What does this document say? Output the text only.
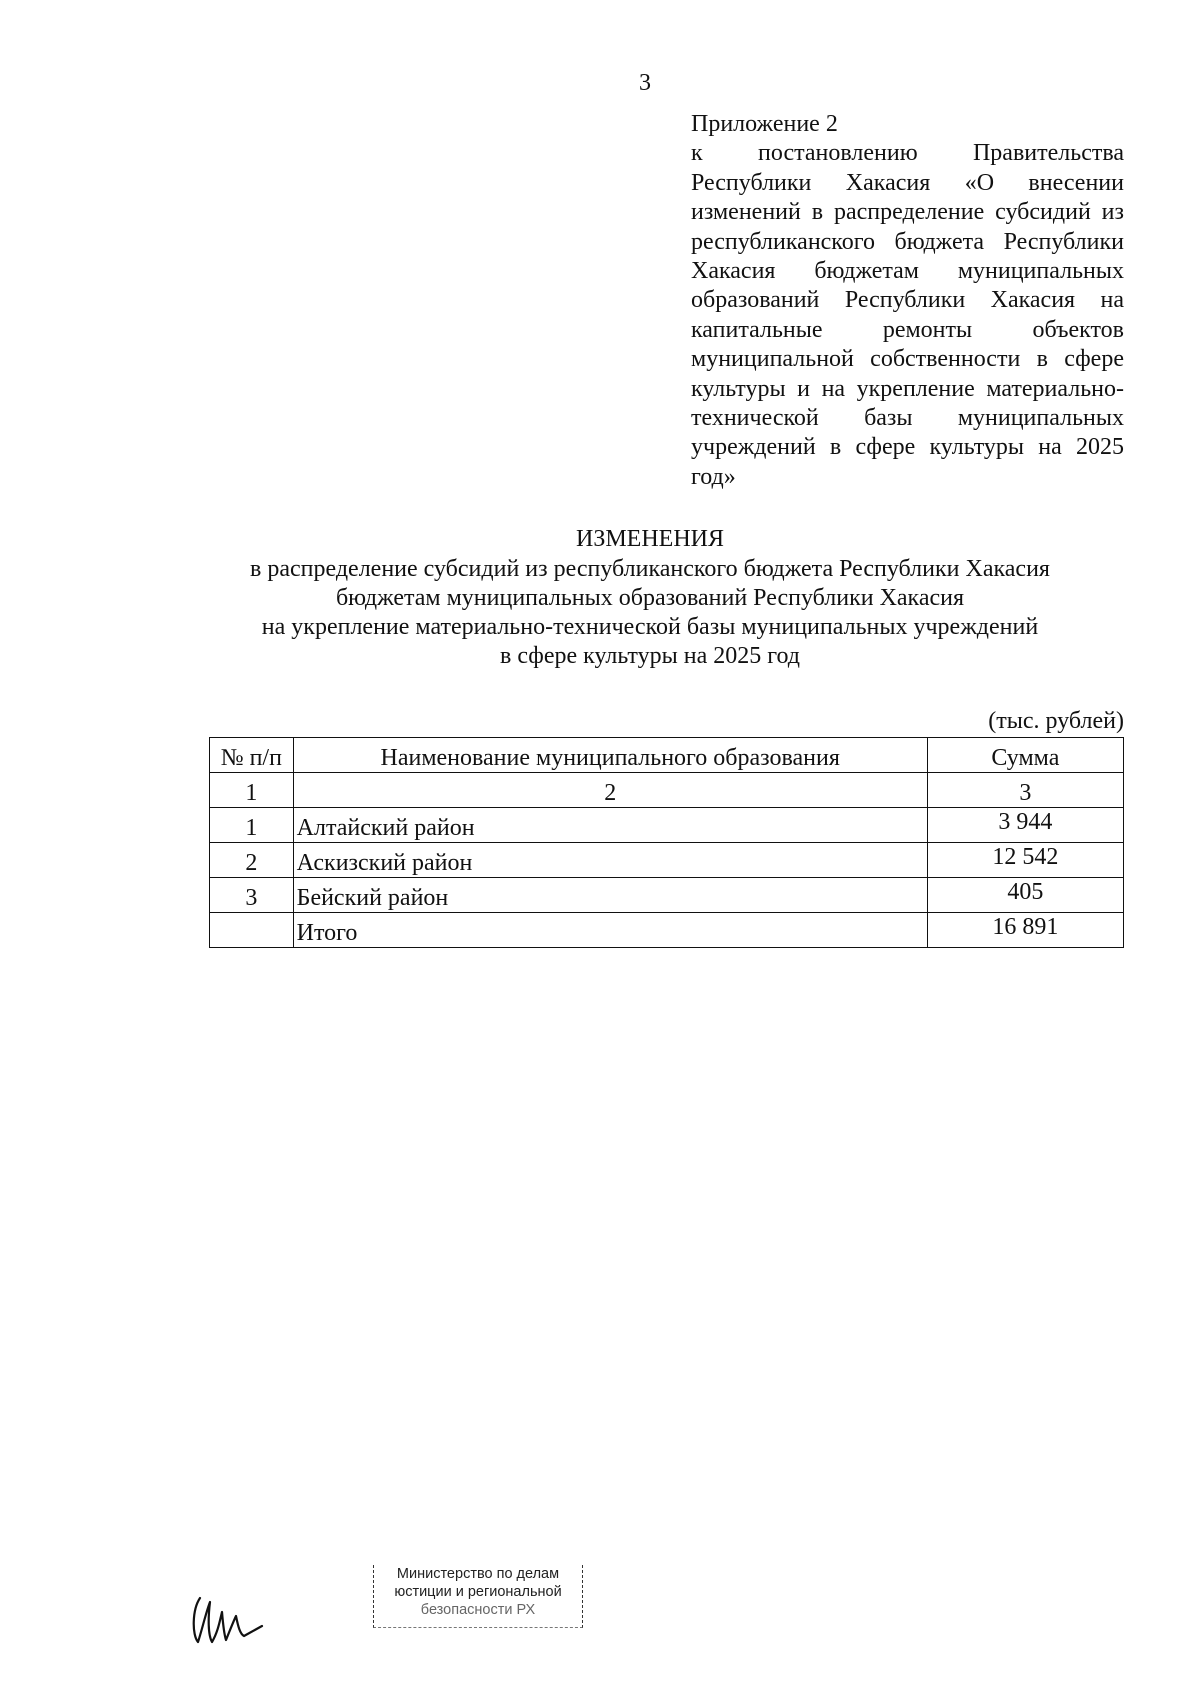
3
Приложение 2
к постановлению Правительства Республики Хакасия «О внесении изменений в распределение субсидий из республиканского бюджета Республики Хакасия бюджетам муниципальных образований Республики Хакасия на капитальные ремонты объектов муниципальной собственности в сфере культуры и на укрепление материально-технической базы муниципальных учреждений в сфере культуры на 2025 год»
ИЗМЕНЕНИЯ
в распределение субсидий из республиканского бюджета Республики Хакасия
бюджетам муниципальных образований Республики Хакасия
на укрепление материально-технической базы муниципальных учреждений
в сфере культуры на 2025 год
(тыс. рублей)
№ п/п	Наименование муниципального образования	Сумма
1	2	3
1	Алтайский район	3 944
2	Аскизский район	12 542
3	Бейский район	405
	Итого	16 891
Министерство по делам
юстиции и региональной
безопасности РХ
